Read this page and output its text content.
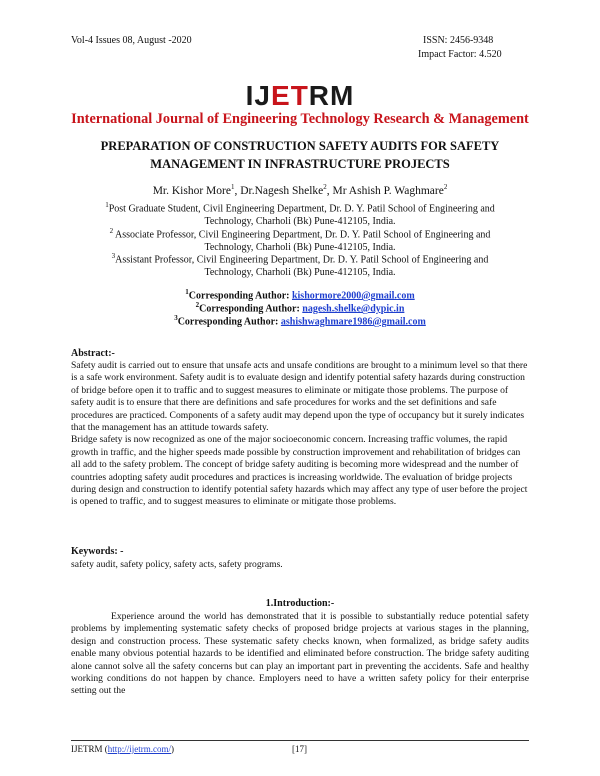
Vol-4 Issues 08, August -2020	ISSN: 2456-9348
Impact Factor: 4.520
IJETRM
International Journal of Engineering Technology Research & Management
PREPARATION OF CONSTRUCTION SAFETY AUDITS FOR SAFETY
MANAGEMENT IN INFRASTRUCTURE PROJECTS
Mr. Kishor More$^1$, Dr.Nagesh Shelke$^2$, Mr Ashish P. Waghmare$^2$
$^1$Post Graduate Student, Civil Engineering Department, Dr. D. Y. Patil School of Engineering and
Technology, Charholi (Bk) Pune-412105, India.
$^2$ Associate Professor, Civil Engineering Department, Dr. D. Y. Patil School of Engineering and
Technology, Charholi (Bk) Pune-412105, India.
$^3$Assistant Professor, Civil Engineering Department, Dr. D. Y. Patil School of Engineering and
Technology, Charholi (Bk) Pune-412105, India.
$^1$Corresponding Author: kishormore2000@gmail.com
$^2$Corresponding Author: nagesh.shelke@dypic.in
$^3$Corresponding Author: ashishwaghmare1986@gmail.com
Abstract:-
Safety audit is carried out to ensure that unsafe acts and unsafe conditions are brought to a minimum level so that there is a safe work environment. Safety audit is to evaluate design and identify potential safety hazards during construction of bridge before open it to traffic and to suggest measures to eliminate or mitigate those problems. The purpose of safety audit is to ensure that there are definitions and safe procedures for works and the set definitions and safe procedures are practiced. Components of a safety audit may depend upon the type of occupancy but it surely indicates that the management has an attitude towards safety.
Bridge safety is now recognized as one of the major socioeconomic concern. Increasing traffic volumes, the rapid growth in traffic, and the higher speeds made possible by construction improvement and rehabilitation of bridges can all add to the safety problem. The concept of bridge safety auditing is becoming more widespread and the number of countries adopting safety audit procedures and practices is increasing worldwide. The evaluation of bridge projects during design and construction to identify potential safety hazards which may affect any type of user before the project is opened to traffic, and to suggest measures to eliminate or mitigate those problems.
Keywords: -
safety audit, safety policy, safety acts, safety programs.
1.Introduction:-
Experience around the world has demonstrated that it is possible to substantially reduce potential safety problems by implementing systematic safety checks of proposed bridge projects at various stages in the planning, design and construction process. These systematic safety checks known, when formalized, as bridge safety audits enable many obvious potential hazards to be identified and eliminated before construction. The bridge safety auditing alone cannot solve all the safety concerns but can play an important part in preventing the accidents. Safe and healthy working conditions do not happen by chance. Employers need to have a written safety policy for their enterprise setting out the
IJETRM (http://ijetrm.com/)	[17]
